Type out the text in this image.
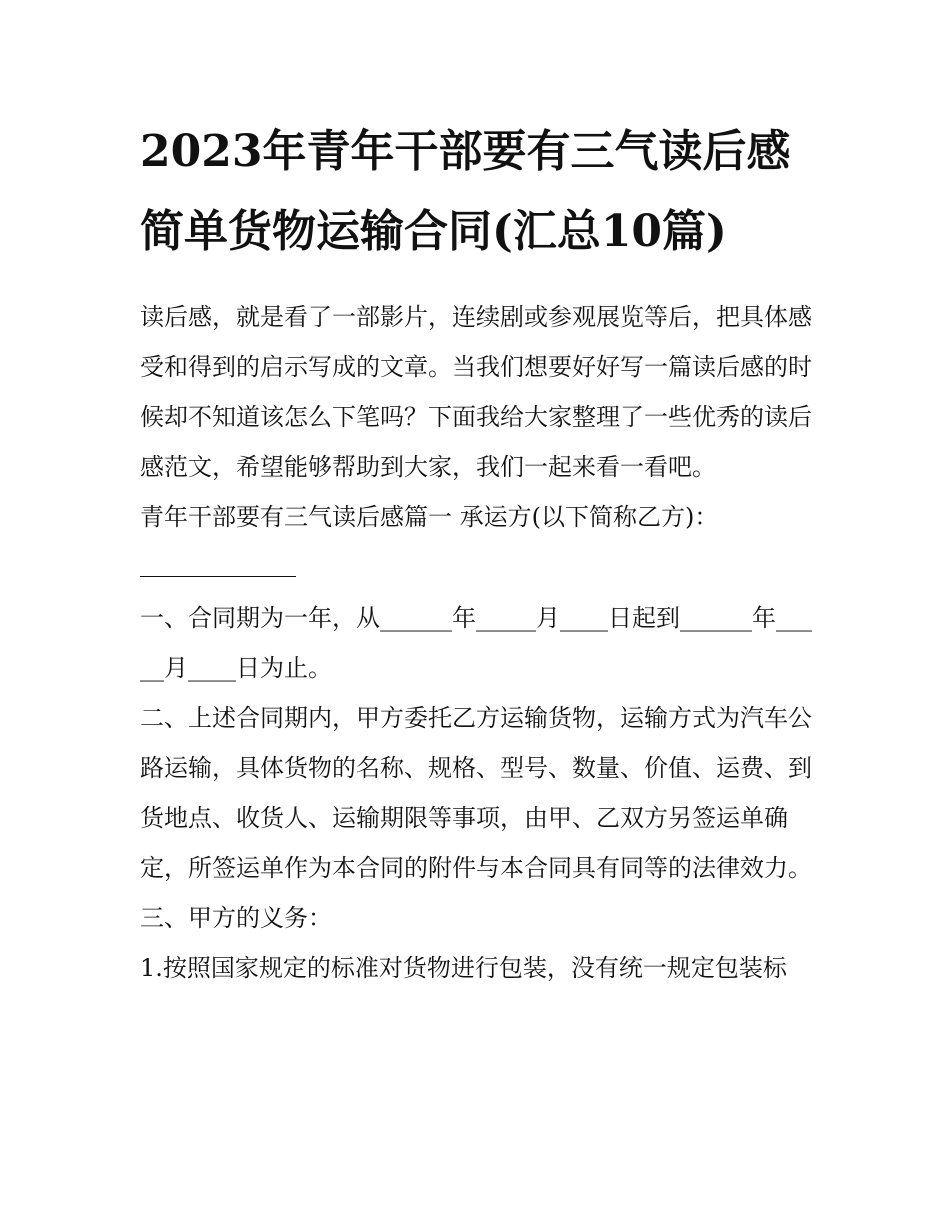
2023年青年干部要有三气读后感 简单货物运输合同(汇总10篇)

读后感，就是看了一部影片，连续剧或参观展览等后，把具体感受和得到的启示写成的文章。当我们想要好好写一篇读后感的时候却不知道该怎么下笔吗？下面我给大家整理了一些优秀的读后感范文，希望能够帮助到大家，我们一起来看一看吧。

青年干部要有三气读后感篇一 承运方(以下简称乙方)：

一、合同期为一年，从______年_____月____日起到______年_____月____日为止。

二、上述合同期内，甲方委托乙方运输货物，运输方式为汽车公路运输，具体货物的名称、规格、型号、数量、价值、运费、到货地点、收货人、运输期限等事项，由甲、乙双方另签运单确定，所签运单作为本合同的附件与本合同具有同等的法律效力。

三、甲方的义务：

1.按照国家规定的标准对货物进行包装，没有统一规定包装标
